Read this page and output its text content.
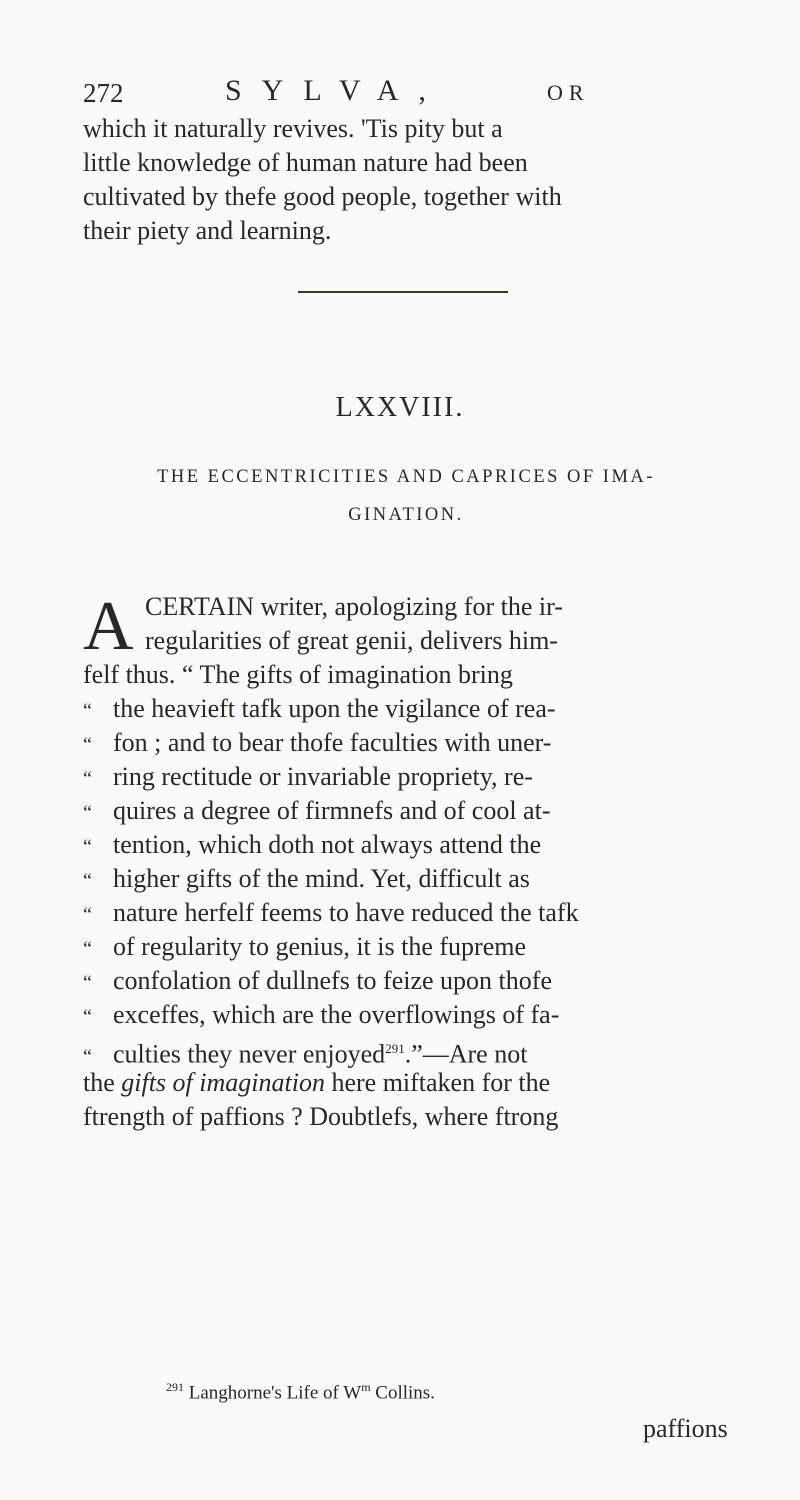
272	SYLVA,	OR
which it naturally revives. 'Tis pity but a
little knowledge of human nature had been
cultivated by thefe good people, together with
their piety and learning.
LXXVIII.
THE ECCENTRICITIES AND CAPRICES OF IMA-
GINATION.
A CERTAIN writer, apologizing for the ir-
regularities of great genii, delivers him-
felf thus. “ The gifts of imagination bring
“ the heavieft tafk upon the vigilance of rea-
“ fon ; and to bear thofe faculties with uner-
“ ring rectitude or invariable propriety, re-
“ quires a degree of firmnefs and of cool at-
“ tention, which doth not always attend the
“ higher gifts of the mind. Yet, difficult as
“ nature herfelf feems to have reduced the tafk
“ of regularity to genius, it is the fupreme
“ confolation of dullnefs to feize upon thofe
“ exceffes, which are the overflowings of fa-
“ culties they never enjoyed$^{291}$.”—Are not
the gifts of imagination here miftaken for the
ftrength of paffions ? Doubtlefs, where ftrong
$^{291}$ Langhorne's Life of $W^m$ Collins.
paffions
